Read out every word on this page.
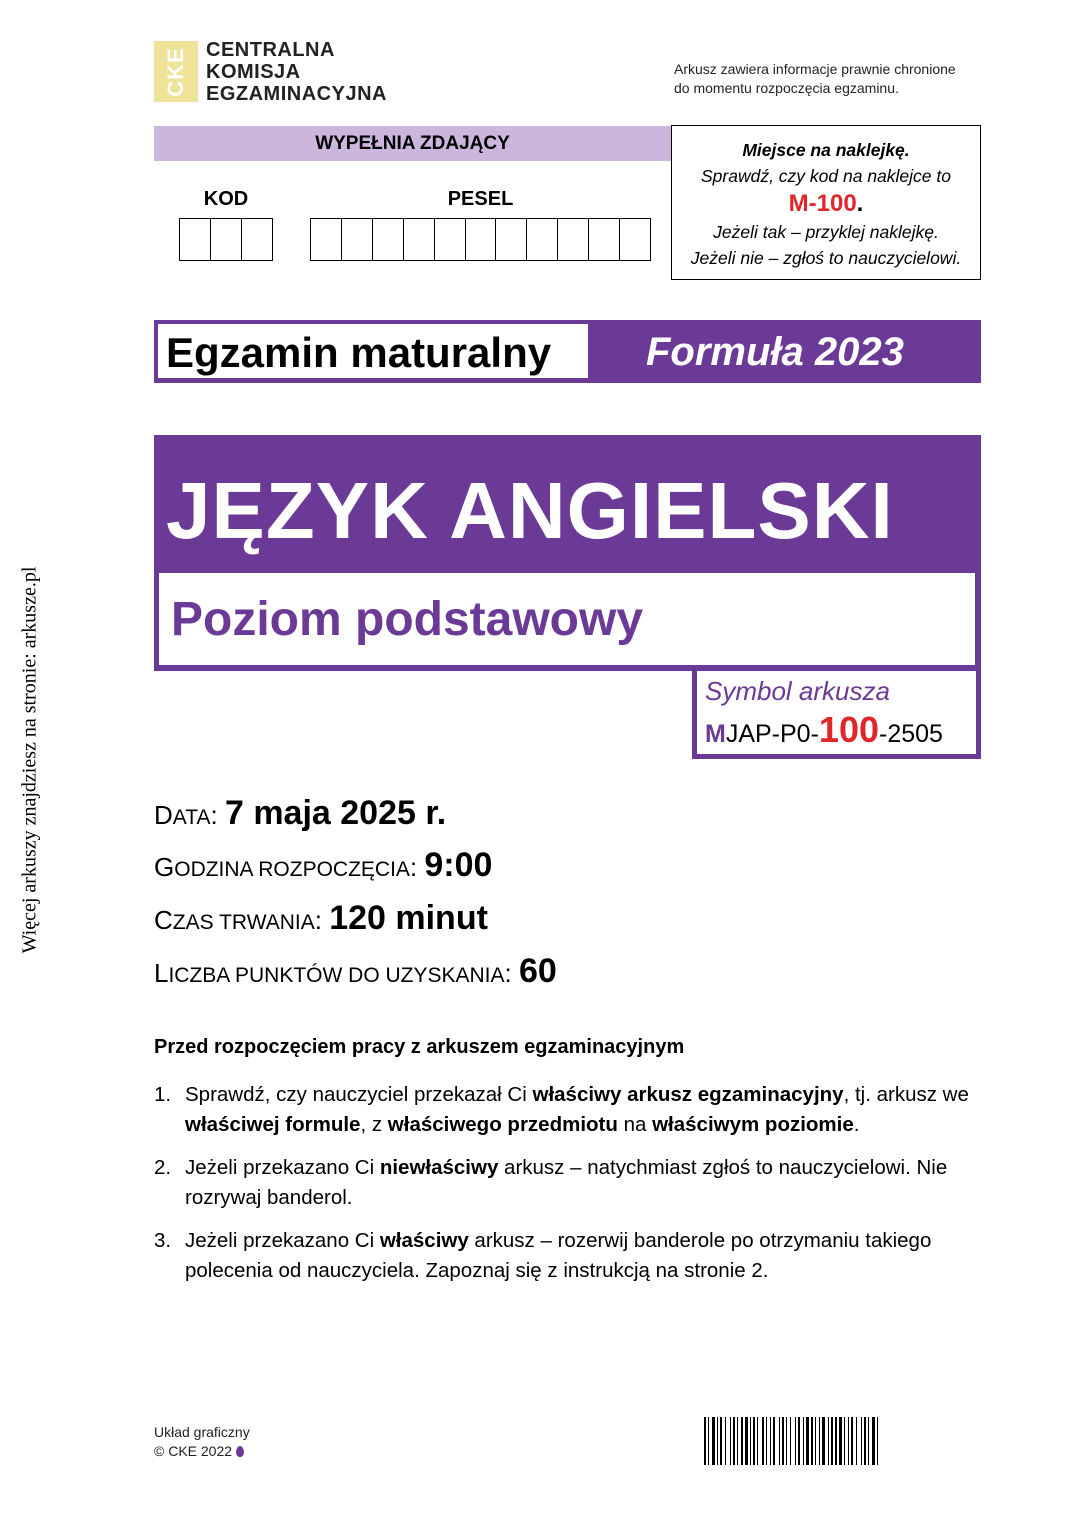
Więcej arkuszy znajdziesz na stronie: arkusze.pl
CKE CENTRALNA
KOMISJA
EGZAMINACYJNA
Arkusz zawiera informacje prawnie chronione
do momentu rozpoczęcia egzaminu.
WYPEŁNIA ZDAJĄCY
KOD	PESEL
Miejsce na naklejkę.
Sprawdź, czy kod na naklejce to
M-100.
Jeżeli tak – przyklej naklejkę.
Jeżeli nie – zgłoś to nauczycielowi.
Egzamin maturalny Formuła 2023
JĘZYK ANGIELSKI
Poziom podstawowy
Symbol arkusza
MJAP-P0-100-2505
DATA: 7 maja 2025 r.
GODZINA ROZPOCZĘCIA: 9:00
CZAS TRWANIA: 120 minut
LICZBA PUNKTÓW DO UZYSKANIA: 60
Przed rozpoczęciem pracy z arkuszem egzaminacyjnym
1. Sprawdź, czy nauczyciel przekazał Ci właściwy arkusz egzaminacyjny, tj. arkusz we właściwej formule, z właściwego przedmiotu na właściwym poziomie.
2. Jeżeli przekazano Ci niewłaściwy arkusz – natychmiast zgłoś to nauczycielowi. Nie rozrywaj banderol.
3. Jeżeli przekazano Ci właściwy arkusz – rozerwij banderole po otrzymaniu takiego polecenia od nauczyciela. Zapoznaj się z instrukcją na stronie 2.
Układ graficzny
© CKE 2022
